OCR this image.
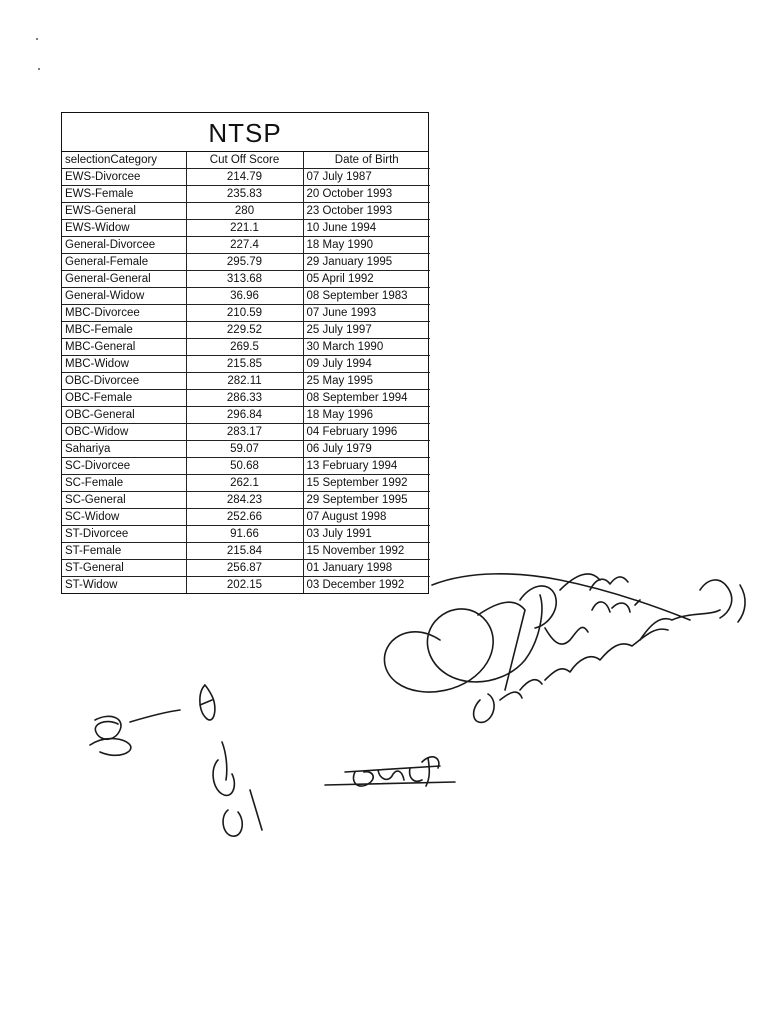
NTSP
selectionCategory	Cut Off Score	Date of Birth
EWS-Divorcee	214.79	07 July 1987
EWS-Female	235.83	20 October 1993
EWS-General	280	23 October 1993
EWS-Widow	221.1	10 June 1994
General-Divorcee	227.4	18 May 1990
General-Female	295.79	29 January 1995
General-General	313.68	05 April 1992
General-Widow	36.96	08 September 1983
MBC-Divorcee	210.59	07 June 1993
MBC-Female	229.52	25 July 1997
MBC-General	269.5	30 March 1990
MBC-Widow	215.85	09 July 1994
OBC-Divorcee	282.11	25 May 1995
OBC-Female	286.33	08 September 1994
OBC-General	296.84	18 May 1996
OBC-Widow	283.17	04 February 1996
Sahariya	59.07	06 July 1979
SC-Divorcee	50.68	13 February 1994
SC-Female	262.1	15 September 1992
SC-General	284.23	29 September 1995
SC-Widow	252.66	07 August 1998
ST-Divorcee	91.66	03 July 1991
ST-Female	215.84	15 November 1992
ST-General	256.87	01 January 1998
ST-Widow	202.15	03 December 1992
